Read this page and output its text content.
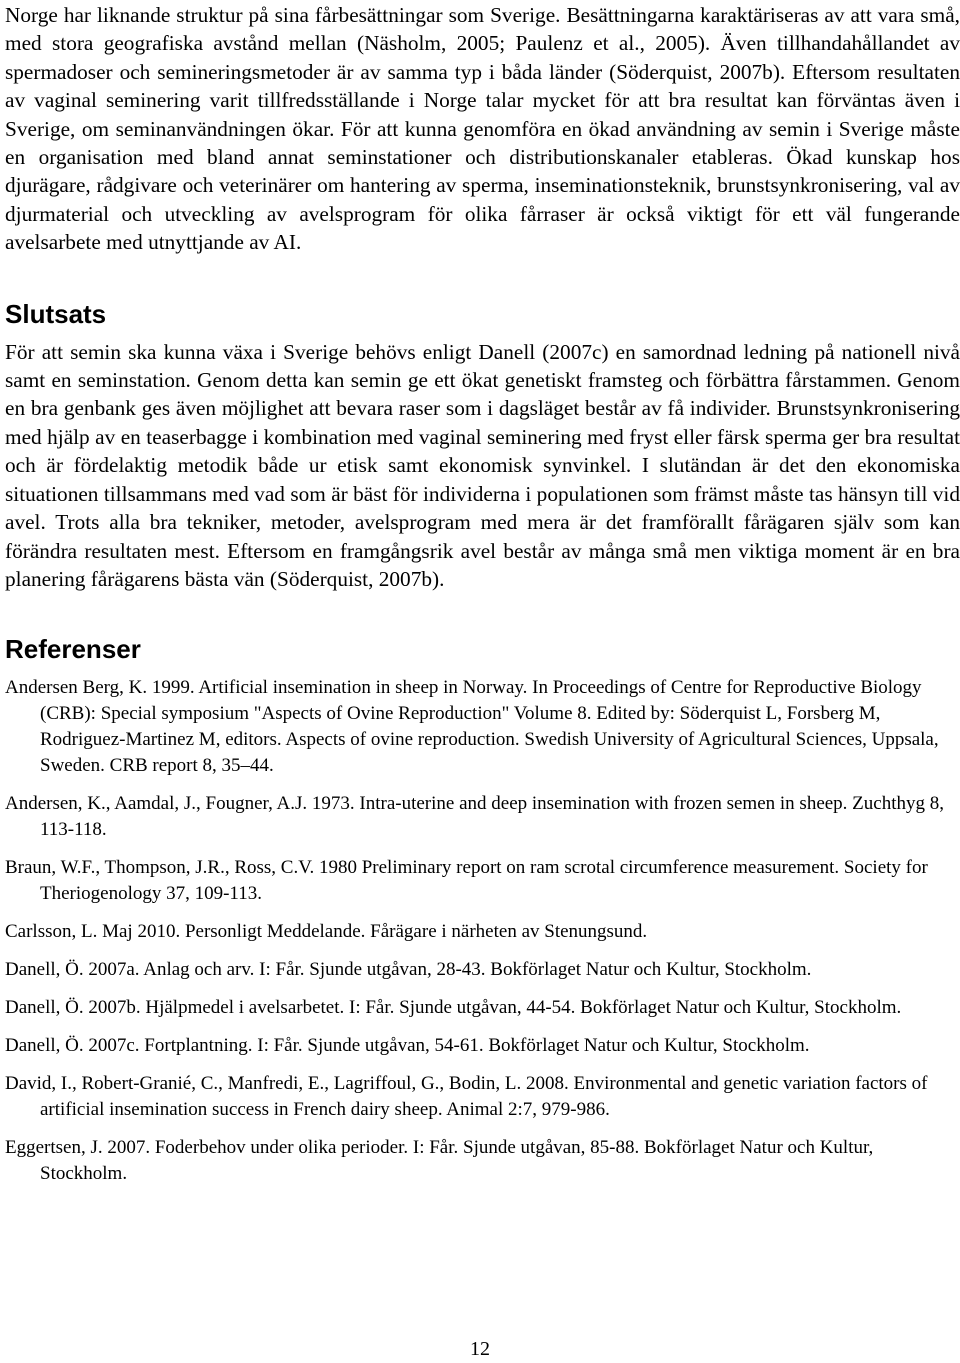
Norge har liknande struktur på sina fårbesättningar som Sverige. Besättningarna karaktäriseras av att vara små, med stora geografiska avstånd mellan (Näsholm, 2005; Paulenz et al., 2005). Även tillhandahållandet av spermadoser och semineringsmetoder är av samma typ i båda länder (Söderquist, 2007b). Eftersom resultaten av vaginal seminering varit tillfredsställande i Norge talar mycket för att bra resultat kan förväntas även i Sverige, om seminanvändningen ökar. För att kunna genomföra en ökad användning av semin i Sverige måste en organisation med bland annat seminstationer och distributionskanaler etableras. Ökad kunskap hos djurägare, rådgivare och veterinärer om hantering av sperma, inseminationsteknik, brunstsynkronisering, val av djurmaterial och utveckling av avelsprogram för olika fårraser är också viktigt för ett väl fungerande avelsarbete med utnyttjande av AI.

Slutsats

För att semin ska kunna växa i Sverige behövs enligt Danell (2007c) en samordnad ledning på nationell nivå samt en seminstation. Genom detta kan semin ge ett ökat genetiskt framsteg och förbättra fårstammen. Genom en bra genbank ges även möjlighet att bevara raser som i dagsläget består av få individer. Brunstsynkronisering med hjälp av en teaserbagge i kombination med vaginal seminering med fryst eller färsk sperma ger bra resultat och är fördelaktig metodik både ur etisk samt ekonomisk synvinkel. I slutändan är det den ekonomiska situationen tillsammans med vad som är bäst för individerna i populationen som främst måste tas hänsyn till vid avel. Trots alla bra tekniker, metoder, avelsprogram med mera är det framförallt fårägaren själv som kan förändra resultaten mest. Eftersom en framgångsrik avel består av många små men viktiga moment är en bra planering fårägarens bästa vän (Söderquist, 2007b).

Referenser
Andersen Berg, K. 1999. Artificial insemination in sheep in Norway. In Proceedings of Centre for Reproductive Biology (CRB): Special symposium "Aspects of Ovine Reproduction" Volume 8. Edited by: Söderquist L, Forsberg M, Rodriguez-Martinez M, editors. Aspects of ovine reproduction. Swedish University of Agricultural Sciences, Uppsala, Sweden. CRB report 8, 35–44.
Andersen, K., Aamdal, J., Fougner, A.J. 1973. Intra-uterine and deep insemination with frozen semen in sheep. Zuchthyg 8, 113-118.
Braun, W.F., Thompson, J.R., Ross, C.V. 1980 Preliminary report on ram scrotal circumference measurement. Society for Theriogenology 37, 109-113.
Carlsson, L. Maj 2010. Personligt Meddelande. Fårägare i närheten av Stenungsund.
Danell, Ö. 2007a. Anlag och arv. I: Får. Sjunde utgåvan, 28-43. Bokförlaget Natur och Kultur, Stockholm.
Danell, Ö. 2007b. Hjälpmedel i avelsarbetet. I: Får. Sjunde utgåvan, 44-54. Bokförlaget Natur och Kultur, Stockholm.
Danell, Ö. 2007c. Fortplantning. I: Får. Sjunde utgåvan, 54-61. Bokförlaget Natur och Kultur, Stockholm.
David, I., Robert-Granié, C., Manfredi, E., Lagriffoul, G., Bodin, L. 2008. Environmental and genetic variation factors of artificial insemination success in French dairy sheep. Animal 2:7, 979-986.
Eggertsen, J. 2007. Foderbehov under olika perioder. I: Får. Sjunde utgåvan, 85-88. Bokförlaget Natur och Kultur, Stockholm.
12
